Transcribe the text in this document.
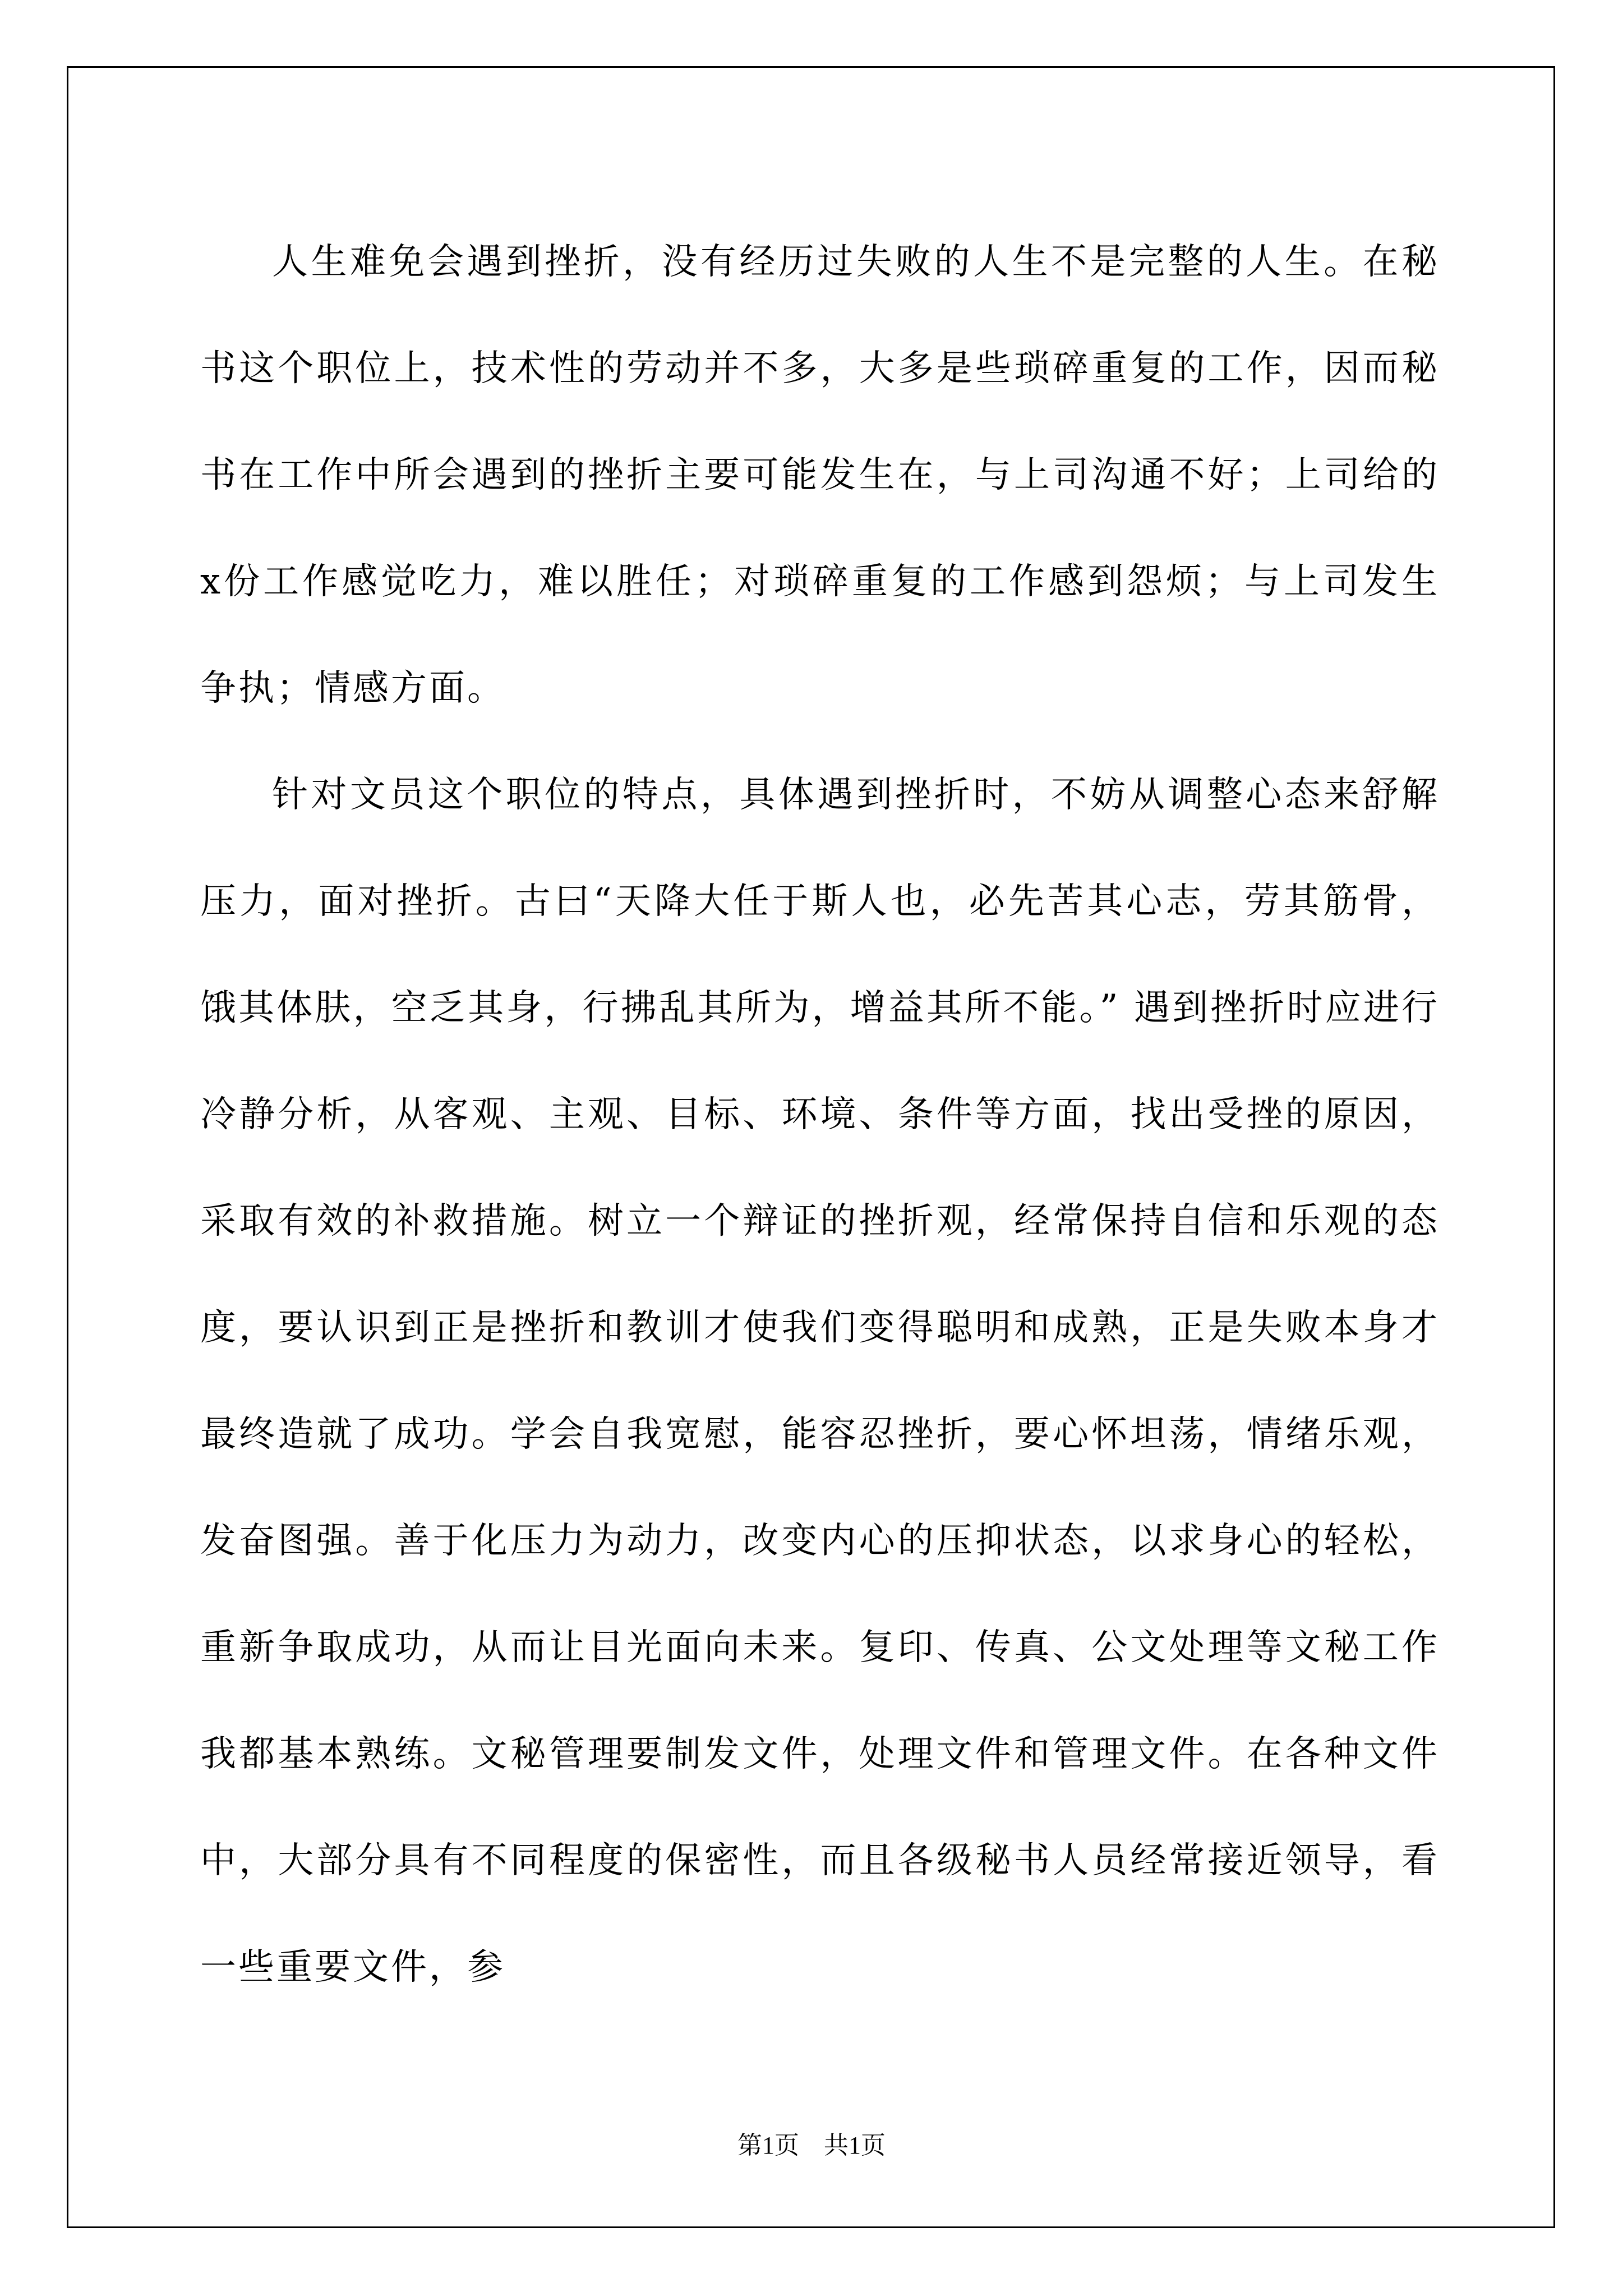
人生难免会遇到挫折，没有经历过失败的人生不是完整的人生。在秘书这个职位上，技术性的劳动并不多，大多是些琐碎重复的工作，因而秘书在工作中所会遇到的挫折主要可能发生在，与上司沟通不好；上司给的x份工作感觉吃力，难以胜任；对琐碎重复的工作感到怨烦；与上司发生争执；情感方面。

针对文员这个职位的特点，具体遇到挫折时，不妨从调整心态来舒解压力，面对挫折。古曰“天降大任于斯人也，必先苦其心志，劳其筋骨，饿其体肤，空乏其身，行拂乱其所为，增益其所不能。” 遇到挫折时应进行冷静分析，从客观、主观、目标、环境、条件等方面，找出受挫的原因，采取有效的补救措施。树立一个辩证的挫折观，经常保持自信和乐观的态度，要认识到正是挫折和教训才使我们变得聪明和成熟，正是失败本身才最终造就了成功。学会自我宽慰，能容忍挫折，要心怀坦荡，情绪乐观，发奋图强。善于化压力为动力，改变内心的压抑状态，以求身心的轻松，重新争取成功，从而让目光面向未来。复印、传真、公文处理等文秘工作我都基本熟练。文秘管理要制发文件，处理文件和管理文件。在各种文件中，大部分具有不同程度的保密性，而且各级秘书人员经常接近领导，看一些重要文件，参

第1页　共1页
